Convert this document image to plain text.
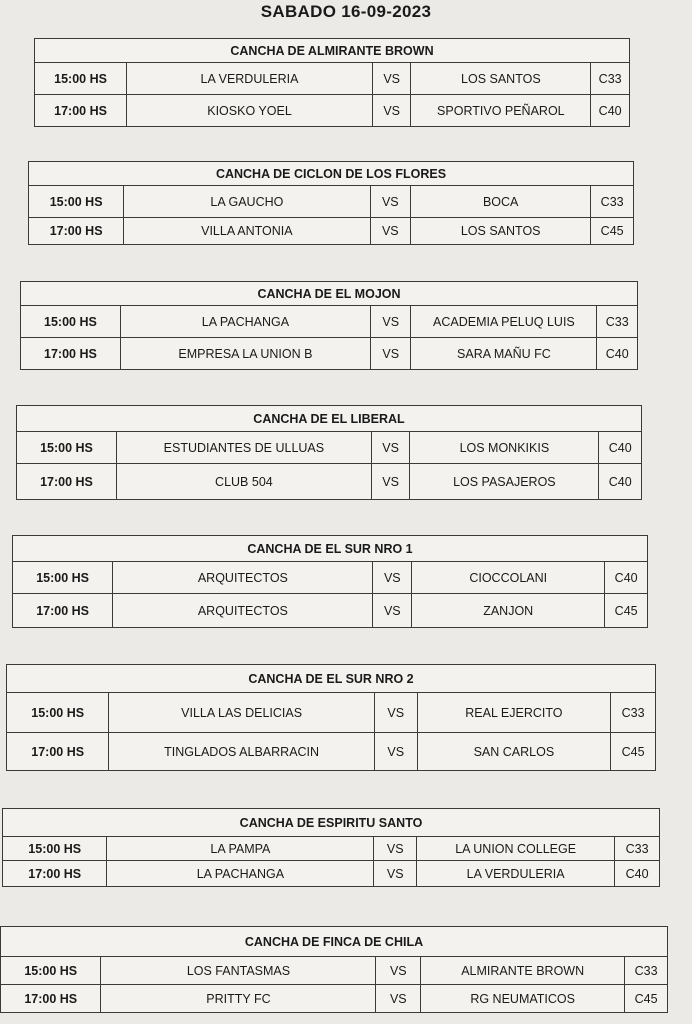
SABADO 16-09-2023
CANCHA DE ALMIRANTE BROWN				
15:00 HS	LA VERDULERIA	VS	LOS SANTOS	C33
17:00 HS	KIOSKO YOEL	VS	SPORTIVO PEÑAROL	C40
CANCHA DE CICLON DE LOS FLORES				
15:00 HS	LA GAUCHO	VS	BOCA	C33
17:00 HS	VILLA ANTONIA	VS	LOS SANTOS	C45
CANCHA DE EL MOJON				
15:00 HS	LA PACHANGA	VS	ACADEMIA PELUQ LUIS	C33
17:00 HS	EMPRESA LA UNION B	VS	SARA MAÑU FC	C40
CANCHA DE EL LIBERAL				
15:00 HS	ESTUDIANTES DE ULLUAS	VS	LOS MONKIKIS	C40
17:00 HS	CLUB 504	VS	LOS PASAJEROS	C40
CANCHA DE EL SUR NRO 1				
15:00 HS	ARQUITECTOS	VS	CIOCCOLANI	C40
17:00 HS	ARQUITECTOS	VS	ZANJON	C45
CANCHA DE EL SUR NRO 2				
15:00 HS	VILLA LAS DELICIAS	VS	REAL EJERCITO	C33
17:00 HS	TINGLADOS ALBARRACIN	VS	SAN CARLOS	C45
CANCHA DE ESPIRITU SANTO				
15:00 HS	LA PAMPA	VS	LA UNION COLLEGE	C33
17:00 HS	LA PACHANGA	VS	LA VERDULERIA	C40
CANCHA DE FINCA DE CHILA				
15:00 HS	LOS FANTASMAS	VS	ALMIRANTE BROWN	C33
17:00 HS	PRITTY FC	VS	RG NEUMATICOS	C45
